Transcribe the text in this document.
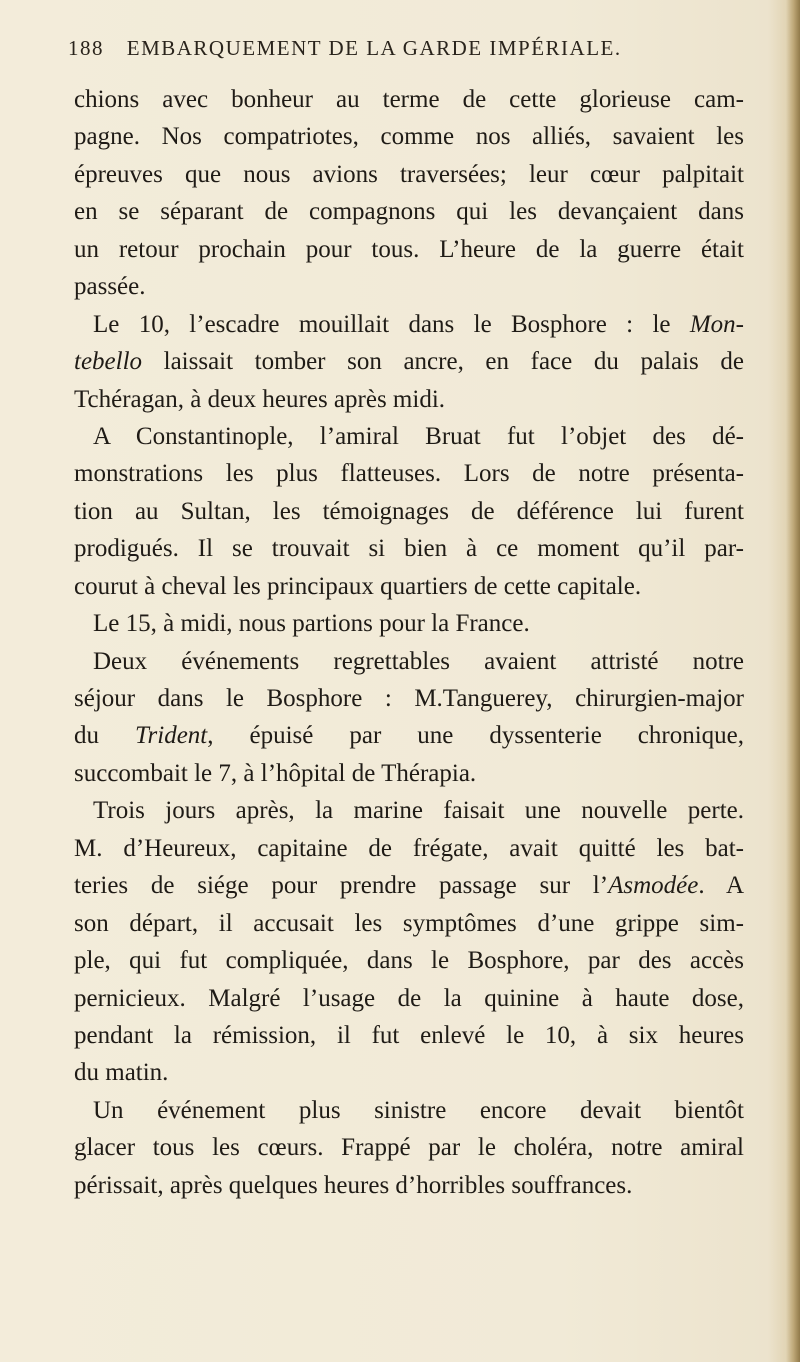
188 EMBARQUEMENT DE LA GARDE IMPÉRIALE.
chions avec bonheur au terme de cette glorieuse cam-
pagne. Nos compatriotes, comme nos alliés, savaient les
épreuves que nous avions traversées; leur cœur palpitait
en se séparant de compagnons qui les devançaient dans
un retour prochain pour tous. L’heure de la guerre était
passée.
Le 10, l’escadre mouillait dans le Bosphore : le Mon-
tebello laissait tomber son ancre, en face du palais de
Tchéragan, à deux heures après midi.
A Constantinople, l’amiral Bruat fut l’objet des dé-
monstrations les plus flatteuses. Lors de notre présenta-
tion au Sultan, les témoignages de déférence lui furent
prodigués. Il se trouvait si bien à ce moment qu’il par-
courut à cheval les principaux quartiers de cette capitale.
Le 15, à midi, nous partions pour la France.
Deux événements regrettables avaient attristé notre
séjour dans le Bosphore : M.Tanguerey, chirurgien-major
du Trident, épuisé par une dyssenterie chronique,
succombait le 7, à l’hôpital de Thérapia.
Trois jours après, la marine faisait une nouvelle perte.
M. d’Heureux, capitaine de frégate, avait quitté les bat-
teries de siége pour prendre passage sur l’Asmodée. A
son départ, il accusait les symptômes d’une grippe sim-
ple, qui fut compliquée, dans le Bosphore, par des accès
pernicieux. Malgré l’usage de la quinine à haute dose,
pendant la rémission, il fut enlevé le 10, à six heures
du matin.
Un événement plus sinistre encore devait bientôt
glacer tous les cœurs. Frappé par le choléra, notre amiral
périssait, après quelques heures d’horribles souffrances.
